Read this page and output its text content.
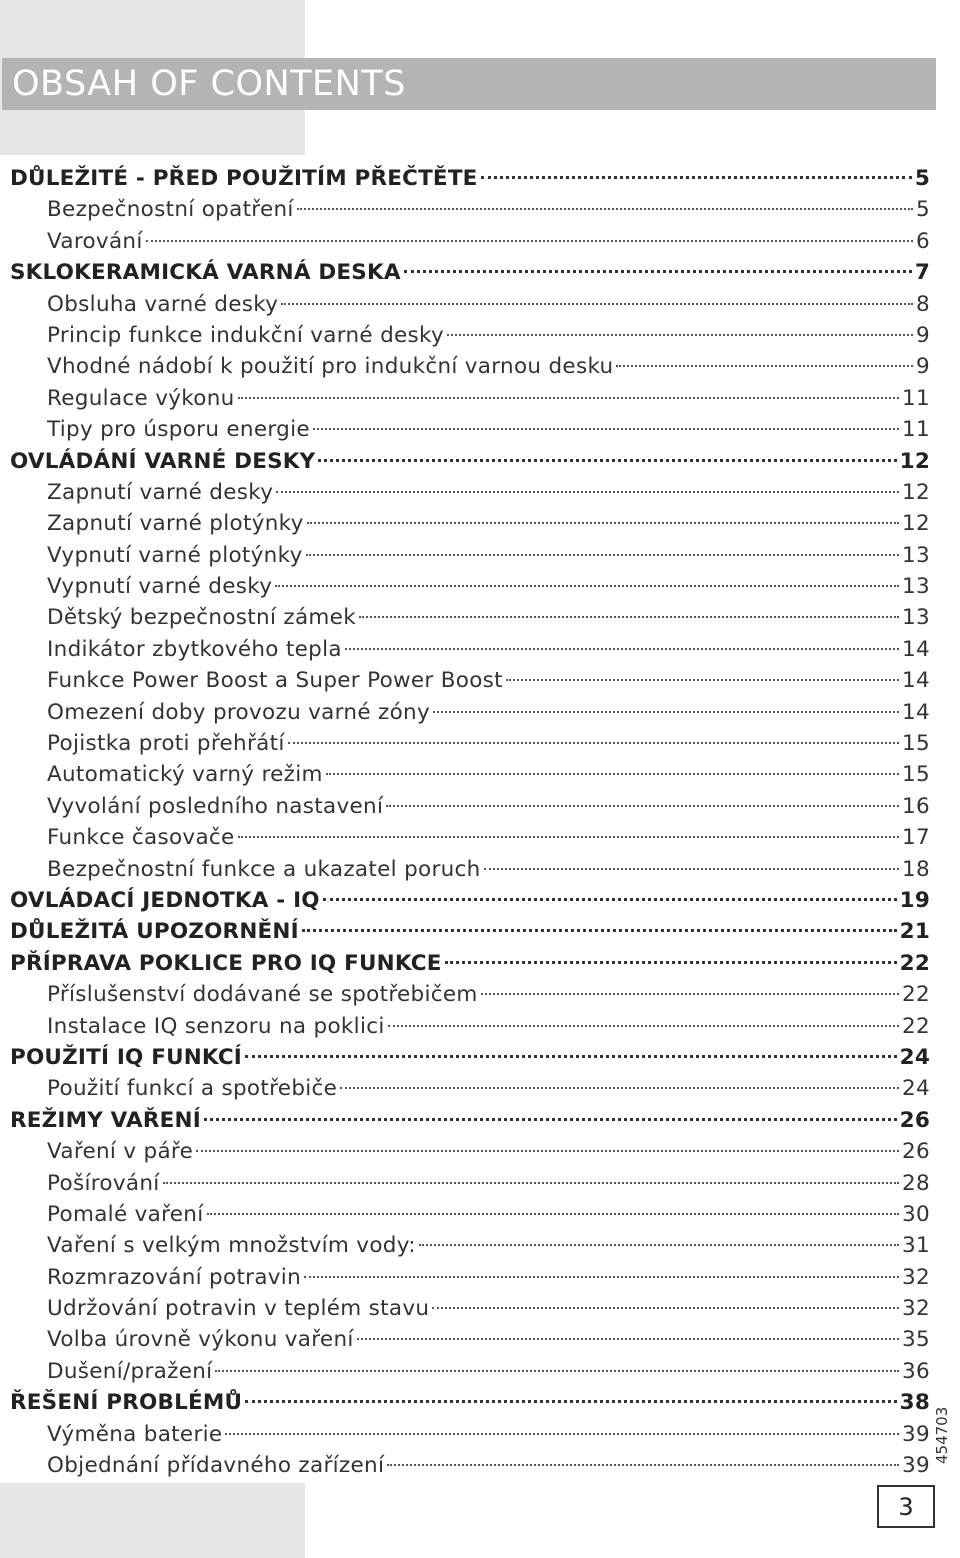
OBSAH OF CONTENTS
DŮLEŽITÉ - PŘED POUŽITÍM PŘEČTĚTE	5
Bezpečnostní opatření	5
Varování	6
SKLOKERAMICKÁ VARNÁ DESKA	7
Obsluha varné desky	8
Princip funkce indukční varné desky	9
Vhodné nádobí k použití pro indukční varnou desku	9
Regulace výkonu	11
Tipy pro úsporu energie	11
OVLÁDÁNÍ VARNÉ DESKY	12
Zapnutí varné desky	12
Zapnutí varné plotýnky	12
Vypnutí varné plotýnky	13
Vypnutí varné desky	13
Dětský bezpečnostní zámek	13
Indikátor zbytkového tepla	14
Funkce Power Boost a Super Power Boost	14
Omezení doby provozu varné zóny	14
Pojistka proti přehřátí	15
Automatický varný režim	15
Vyvolání posledního nastavení	16
Funkce časovače	17
Bezpečnostní funkce a ukazatel poruch	18
OVLÁDACÍ JEDNOTKA - IQ	19
DŮLEŽITÁ UPOZORNĚNÍ	21
PŘÍPRAVA POKLICE PRO IQ FUNKCE	22
Příslušenství dodávané se spotřebičem	22
Instalace IQ senzoru na poklici	22
POUŽITÍ IQ FUNKCÍ	24
Použití funkcí a spotřebiče	24
REŽIMY VAŘENÍ	26
Vaření v páře	26
Pošírování	28
Pomalé vaření	30
Vaření s velkým množstvím vody:	31
Rozmrazování potravin	32
Udržování potravin v teplém stavu	32
Volba úrovně výkonu vaření	35
Dušení/pražení	36
ŘEŠENÍ PROBLÉMŮ	38
Výměna baterie	39
Objednání přídavného zařízení	39
454703
3
